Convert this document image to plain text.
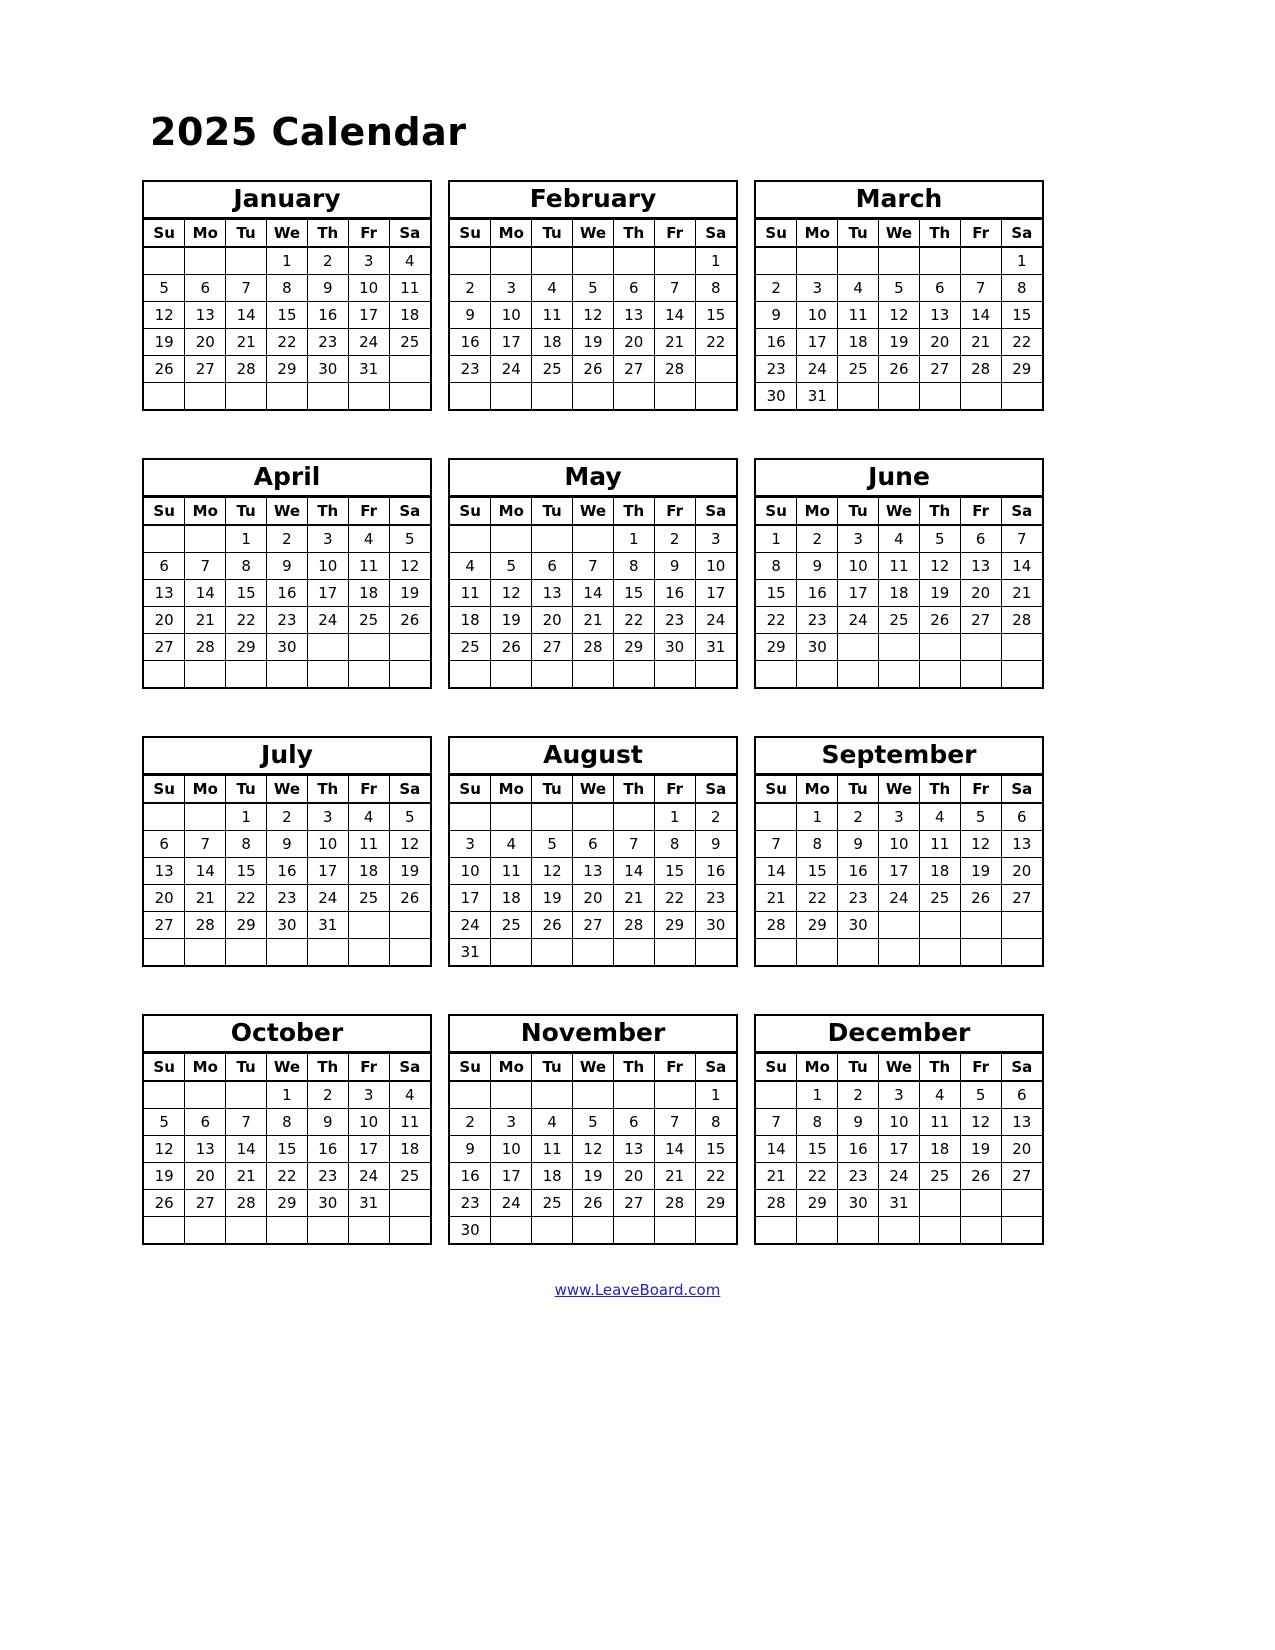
2025 Calendar
January
Su	Mo	Tu	We	Th	Fr	Sa
			1	2	3	4
5	6	7	8	9	10	11
12	13	14	15	16	17	18
19	20	21	22	23	24	25
26	27	28	29	30	31	

February
Su	Mo	Tu	We	Th	Fr	Sa
						1
2	3	4	5	6	7	8
9	10	11	12	13	14	15
16	17	18	19	20	21	22
23	24	25	26	27	28	

March
Su	Mo	Tu	We	Th	Fr	Sa
						1
2	3	4	5	6	7	8
9	10	11	12	13	14	15
16	17	18	19	20	21	22
23	24	25	26	27	28	29
30	31					
April
Su	Mo	Tu	We	Th	Fr	Sa
		1	2	3	4	5
6	7	8	9	10	11	12
13	14	15	16	17	18	19
20	21	22	23	24	25	26
27	28	29	30			

May
Su	Mo	Tu	We	Th	Fr	Sa
				1	2	3
4	5	6	7	8	9	10
11	12	13	14	15	16	17
18	19	20	21	22	23	24
25	26	27	28	29	30	31

June
Su	Mo	Tu	We	Th	Fr	Sa
1	2	3	4	5	6	7
8	9	10	11	12	13	14
15	16	17	18	19	20	21
22	23	24	25	26	27	28
29	30					

July
Su	Mo	Tu	We	Th	Fr	Sa
		1	2	3	4	5
6	7	8	9	10	11	12
13	14	15	16	17	18	19
20	21	22	23	24	25	26
27	28	29	30	31		

August
Su	Mo	Tu	We	Th	Fr	Sa
					1	2
3	4	5	6	7	8	9
10	11	12	13	14	15	16
17	18	19	20	21	22	23
24	25	26	27	28	29	30
31						
September
Su	Mo	Tu	We	Th	Fr	Sa
	1	2	3	4	5	6
7	8	9	10	11	12	13
14	15	16	17	18	19	20
21	22	23	24	25	26	27
28	29	30				

October
Su	Mo	Tu	We	Th	Fr	Sa
			1	2	3	4
5	6	7	8	9	10	11
12	13	14	15	16	17	18
19	20	21	22	23	24	25
26	27	28	29	30	31	

November
Su	Mo	Tu	We	Th	Fr	Sa
						1
2	3	4	5	6	7	8
9	10	11	12	13	14	15
16	17	18	19	20	21	22
23	24	25	26	27	28	29
30						
December
Su	Mo	Tu	We	Th	Fr	Sa
	1	2	3	4	5	6
7	8	9	10	11	12	13
14	15	16	17	18	19	20
21	22	23	24	25	26	27
28	29	30	31			

www.LeaveBoard.com
